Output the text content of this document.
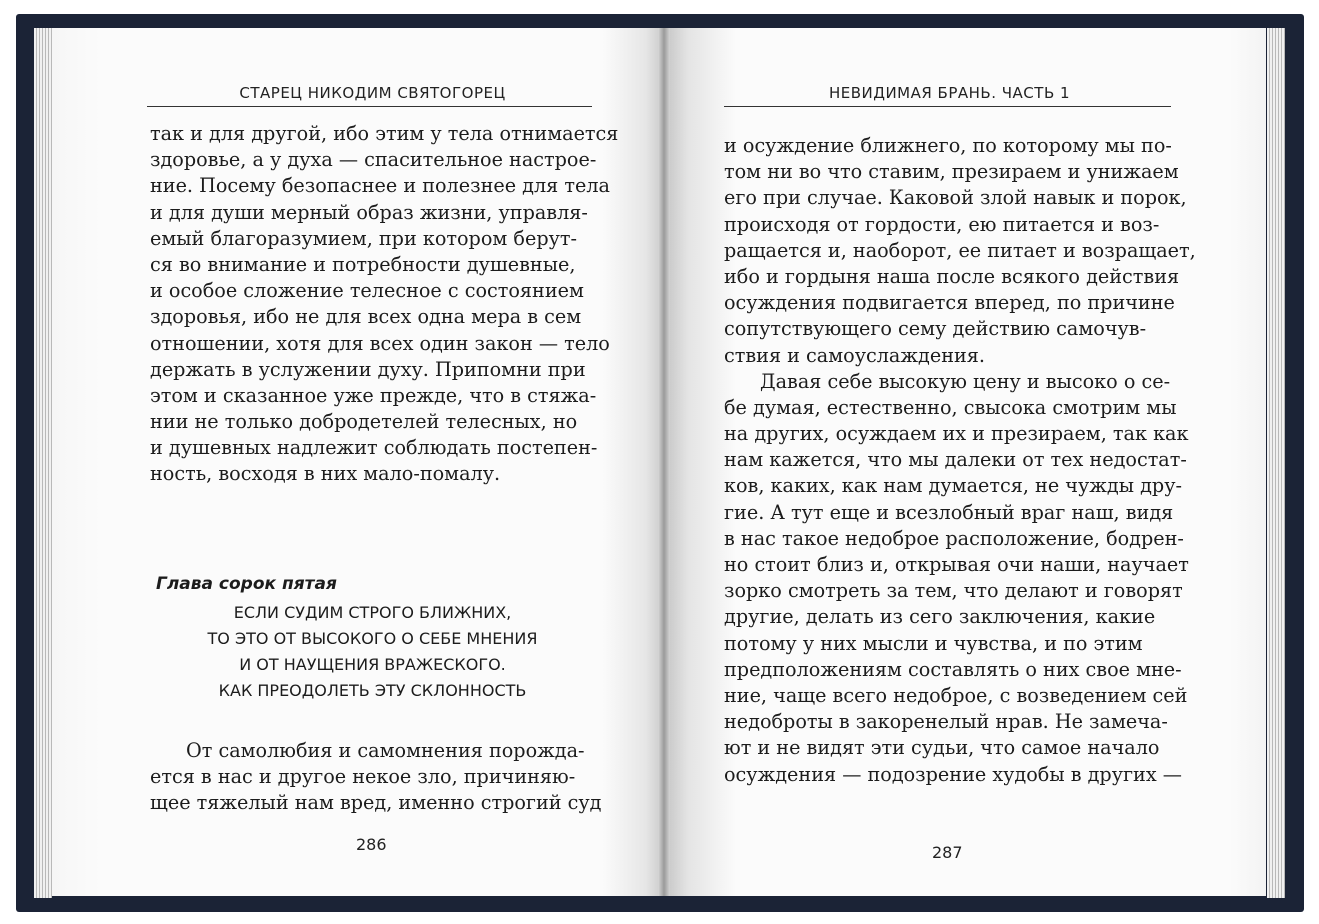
СТАРЕЦ НИКОДИМ СВЯТОГОРЕЦ
так и для другой, ибо этим у тела отнимается
здоровье, а у духа — спасительное настрое-
ние. Посему безопаснее и полезнее для тела
и для души мерный образ жизни, управля-
емый благоразумием, при котором берут-
ся во внимание и потребности душевные,
и особое сложение телесное с состоянием
здоровья, ибо не для всех одна мера в сем
отношении, хотя для всех один закон — тело
держать в услужении духу. Припомни при
этом и сказанное уже прежде, что в стяжа-
нии не только добродетелей телесных, но
и душевных надлежит соблюдать постепен-
ность, восходя в них мало-помалу.
Глава сорок пятая
ЕСЛИ СУДИМ СТРОГО БЛИЖНИХ,
ТО ЭТО ОТ ВЫСОКОГО О СЕБЕ МНЕНИЯ
И ОТ НАУЩЕНИЯ ВРАЖЕСКОГО.
КАК ПРЕОДОЛЕТЬ ЭТУ СКЛОННОСТЬ
От самолюбия и самомнения порожда-
ется в нас и другое некое зло, причиняю-
щее тяжелый нам вред, именно строгий суд
286
НЕВИДИМАЯ БРАНЬ. ЧАСТЬ 1
и осуждение ближнего, по которому мы по-
том ни во что ставим, презираем и унижаем
его при случае. Каковой злой навык и порок,
происходя от гордости, ею питается и воз-
ращается и, наоборот, ее питает и возращает,
ибо и гордыня наша после всякого действия
осуждения подвигается вперед, по причине
сопутствующего сему действию самочув-
ствия и самоуслаждения.
Давая себе высокую цену и высоко о се-
бе думая, естественно, свысока смотрим мы
на других, осуждаем их и презираем, так как
нам кажется, что мы далеки от тех недостат-
ков, каких, как нам думается, не чужды дру-
гие. А тут еще и всезлобный враг наш, видя
в нас такое недоброе расположение, бодрен-
но стоит близ и, открывая очи наши, научает
зорко смотреть за тем, что делают и говорят
другие, делать из сего заключения, какие
потому у них мысли и чувства, и по этим
предположениям составлять о них свое мне-
ние, чаще всего недоброе, с возведением сей
недоброты в закоренелый нрав. Не замеча-
ют и не видят эти судьи, что самое начало
осуждения — подозрение худобы в других —
287
